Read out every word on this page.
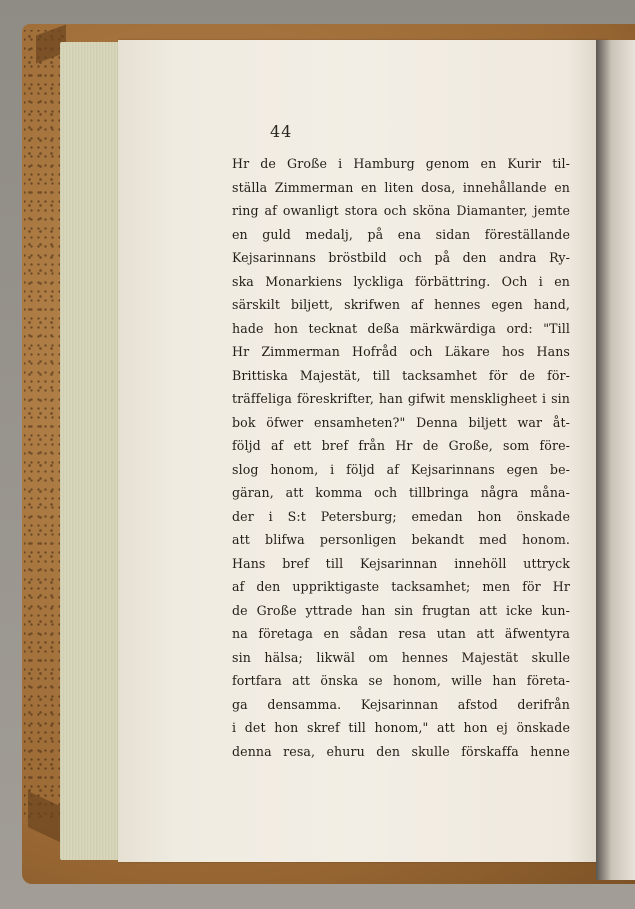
44
Hr de Große i Hamburg genom en Kurir til-
ställa Zimmerman en liten dosa, innehållande en
ring af owanligt stora och sköna Diamanter, jemte
en guld medalj, på ena sidan föreställande
Kejsarinnans bröstbild och på den andra Ry-
ska Monarkiens lyckliga förbättring. Och i en
särskilt biljett, skrifwen af hennes egen hand,
hade hon tecknat deßa märkwärdiga ord: "Till
Hr Zimmerman Hofråd och Läkare hos Hans
Brittiska Majestät, till tacksamhet för de för-
träffeliga föreskrifter, han gifwit menskligheet i sin
bok öfwer ensamheten?" Denna biljett war åt-
följd af ett bref från Hr de Große, som före-
slog honom, i följd af Kejsarinnans egen be-
gäran, att komma och tillbringa några måna-
der i S:t Petersburg; emedan hon önskade
att blifwa personligen bekandt med honom.
Hans bref till Kejsarinnan innehöll uttryck
af den uppriktigaste tacksamhet; men för Hr
de Große yttrade han sin frugtan att icke kun-
na företaga en sådan resa utan att äfwentyra
sin hälsa; likwäl om hennes Majestät skulle
fortfara att önska se honom, wille han företa-
ga densamma. Kejsarinnan afstod derifrån
i det hon skref till honom," att hon ej önskade
denna resa, ehuru den skulle förskaffa henne
